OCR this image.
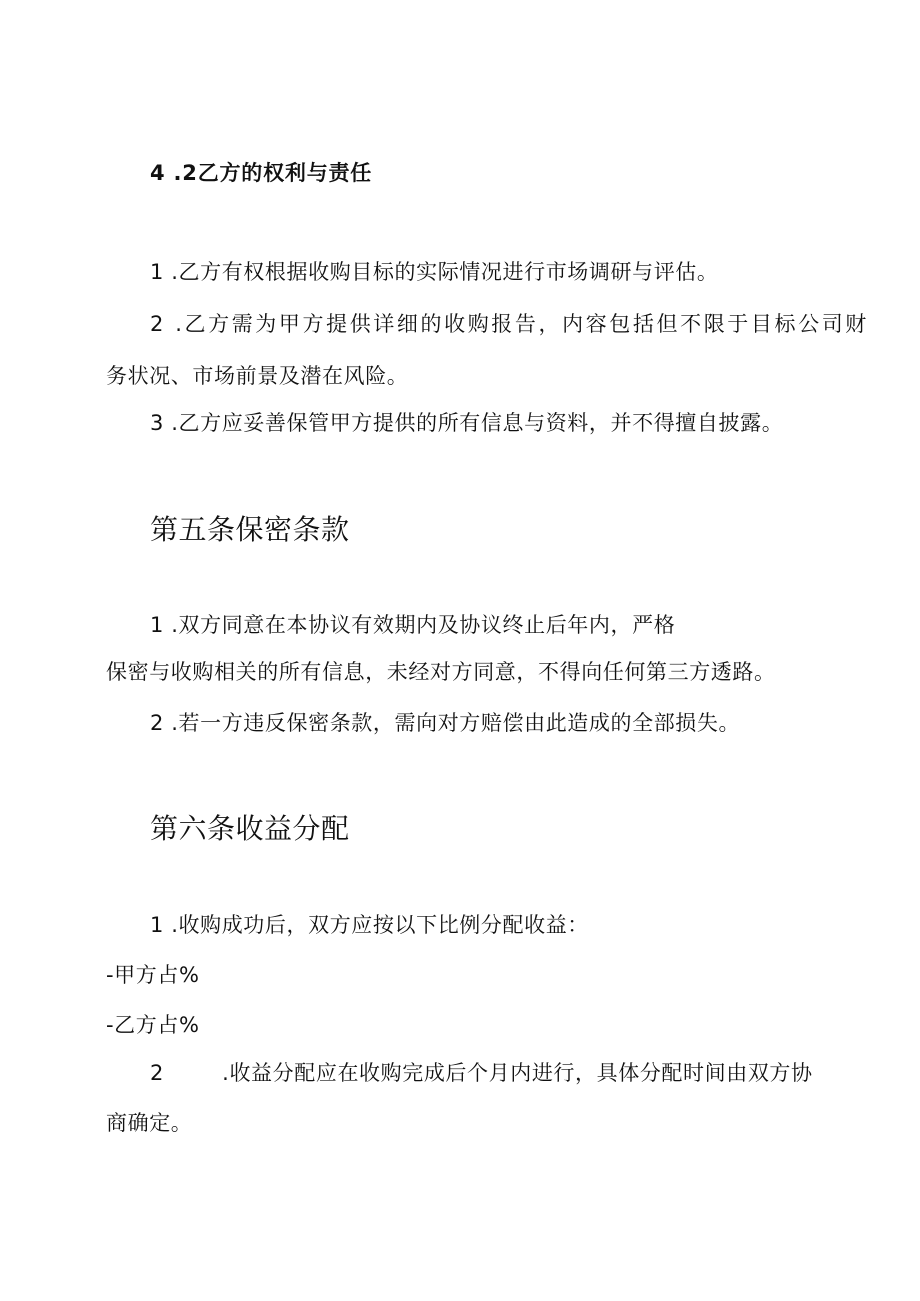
4 .2乙方的权利与责任
1 .乙方有权根据收购目标的实际情况进行市场调研与评估。
2 .乙方需为甲方提供详细的收购报告，内容包括但不限于目标公司财
务状况、市场前景及潜在风险。
3 .乙方应妥善保管甲方提供的所有信息与资料，并不得擅自披露。
第五条保密条款
1 .双方同意在本协议有效期内及协议终止后年内，严格
保密与收购相关的所有信息，未经对方同意，不得向任何第三方透路。
2 .若一方违反保密条款，需向对方赔偿由此造成的全部损失。
第六条收益分配
1 .收购成功后，双方应按以下比例分配收益：
-甲方占%
-乙方占%
2        .收益分配应在收购完成后个月内进行，具体分配时间由双方协
商确定。
